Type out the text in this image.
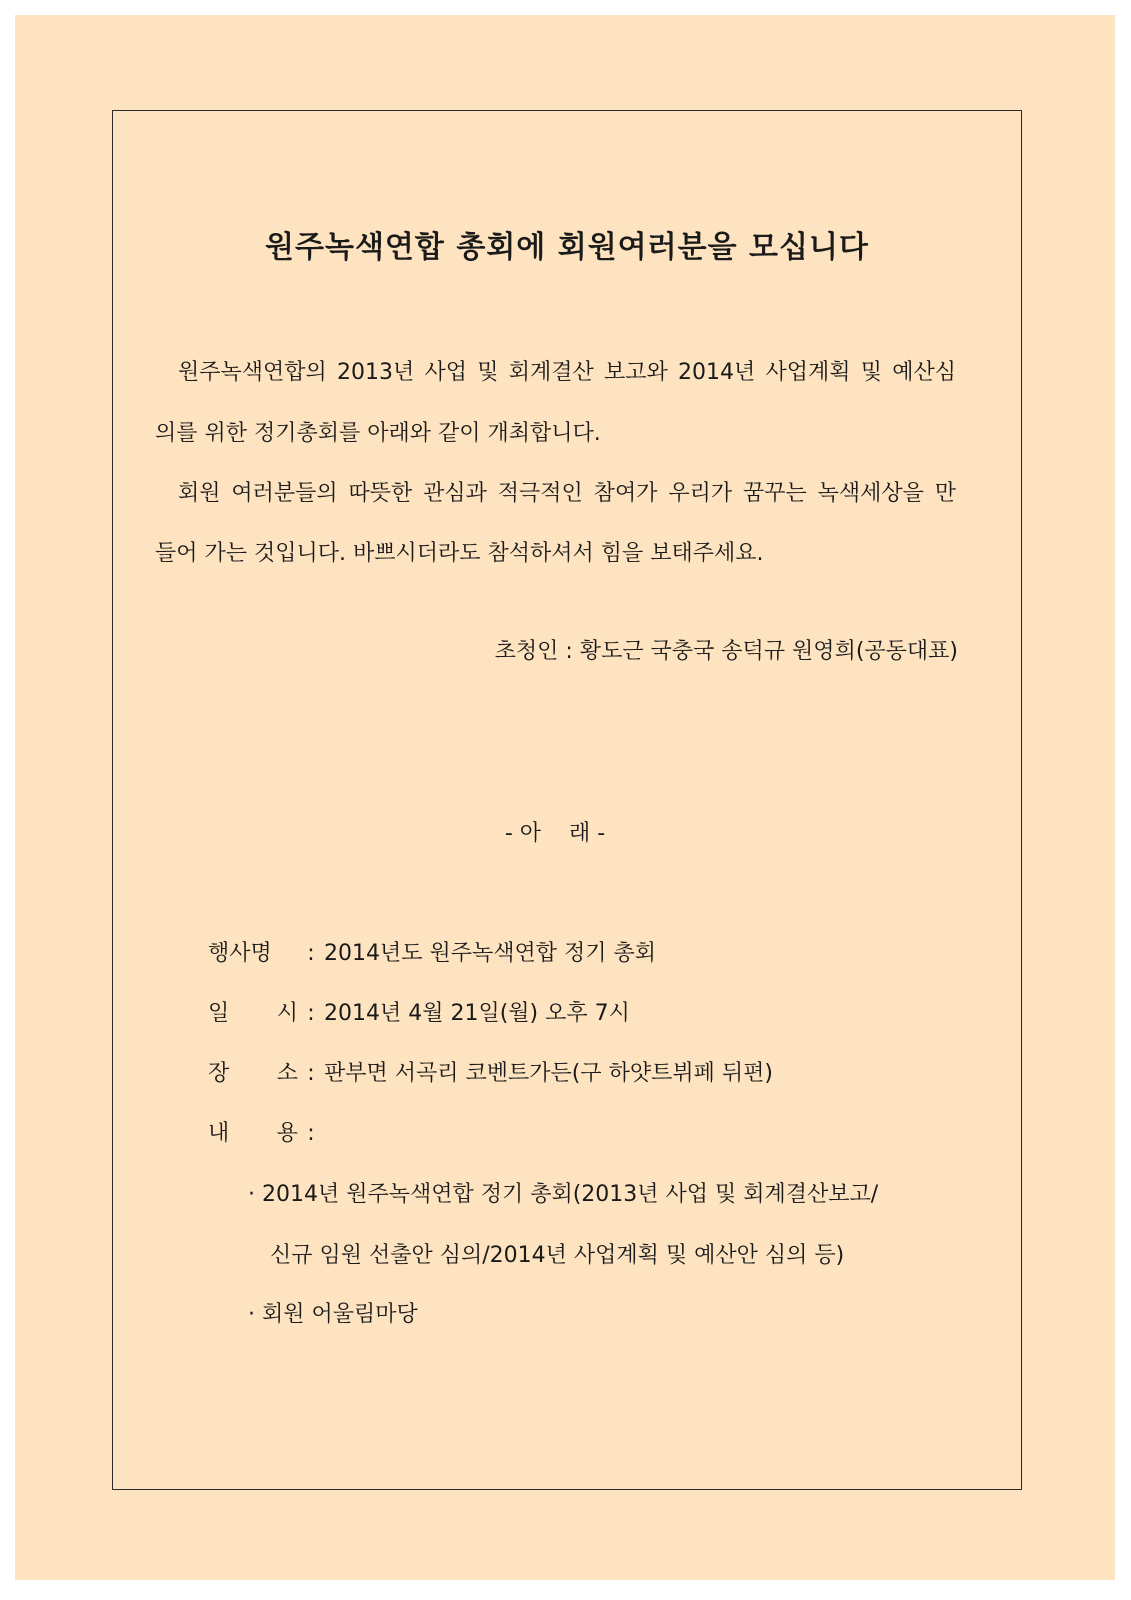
원주녹색연합 총회에 회원여러분을 모십니다
원주녹색연합의 2013년 사업 및 회계결산 보고와 2014년 사업계획 및 예산심
의를 위한 정기총회를 아래와 같이 개최합니다.
회원 여러분들의 따뜻한 관심과 적극적인 참여가 우리가 꿈꾸는 녹색세상을 만
들어 가는 것입니다. 바쁘시더라도 참석하셔서 힘을 보태주세요.
초청인 : 황도근 국충국 송덕규 원영희(공동대표)
- 아    래 -
행사명 : 2014년도 원주녹색연합 정기 총회
일 시 : 2014년 4월 21일(월) 오후 7시
장 소 : 판부면 서곡리 코벤트가든(구 하얏트뷔페 뒤편)
내 용 :
· 2014년 원주녹색연합 정기 총회(2013년 사업 및 회계결산보고/
신규 임원 선출안 심의/2014년 사업계획 및 예산안 심의 등)
· 회원 어울림마당
